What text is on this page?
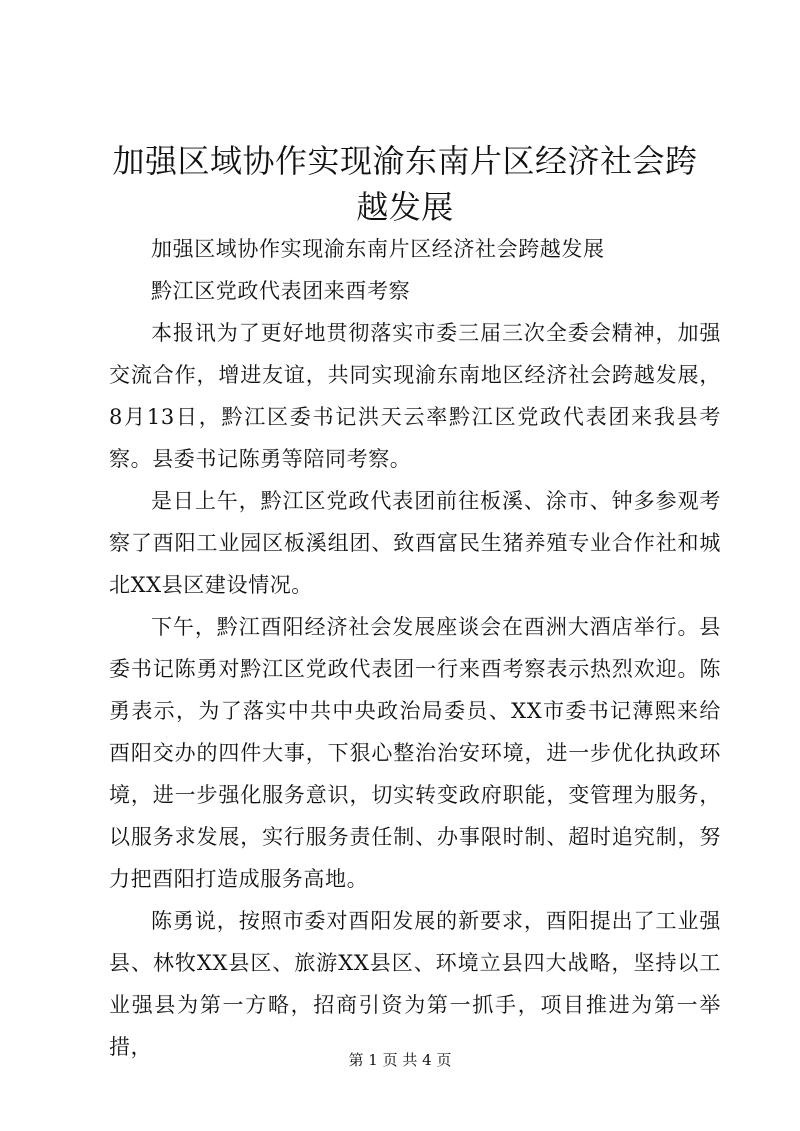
加强区域协作实现渝东南片区经济社会跨越发展

加强区域协作实现渝东南片区经济社会跨越发展

黔江区党政代表团来酉考察

本报讯为了更好地贯彻落实市委三届三次全委会精神，加强交流合作，增进友谊，共同实现渝东南地区经济社会跨越发展，8月13日，黔江区委书记洪天云率黔江区党政代表团来我县考察。县委书记陈勇等陪同考察。

是日上午，黔江区党政代表团前往板溪、涂市、钟多参观考察了酉阳工业园区板溪组团、致酉富民生猪养殖专业合作社和城北XX县区建设情况。

下午，黔江酉阳经济社会发展座谈会在酉洲大酒店举行。县委书记陈勇对黔江区党政代表团一行来酉考察表示热烈欢迎。陈勇表示，为了落实中共中央政治局委员、XX市委书记薄熙来给酉阳交办的四件大事，下狠心整治治安环境，进一步优化执政环境，进一步强化服务意识，切实转变政府职能，变管理为服务，以服务求发展，实行服务责任制、办事限时制、超时追究制，努力把酉阳打造成服务高地。

陈勇说，按照市委对酉阳发展的新要求，酉阳提出了工业强县、林牧XX县区、旅游XX县区、环境立县四大战略，坚持以工业强县为第一方略，招商引资为第一抓手，项目推进为第一举措，

第 1 页 共 4 页
